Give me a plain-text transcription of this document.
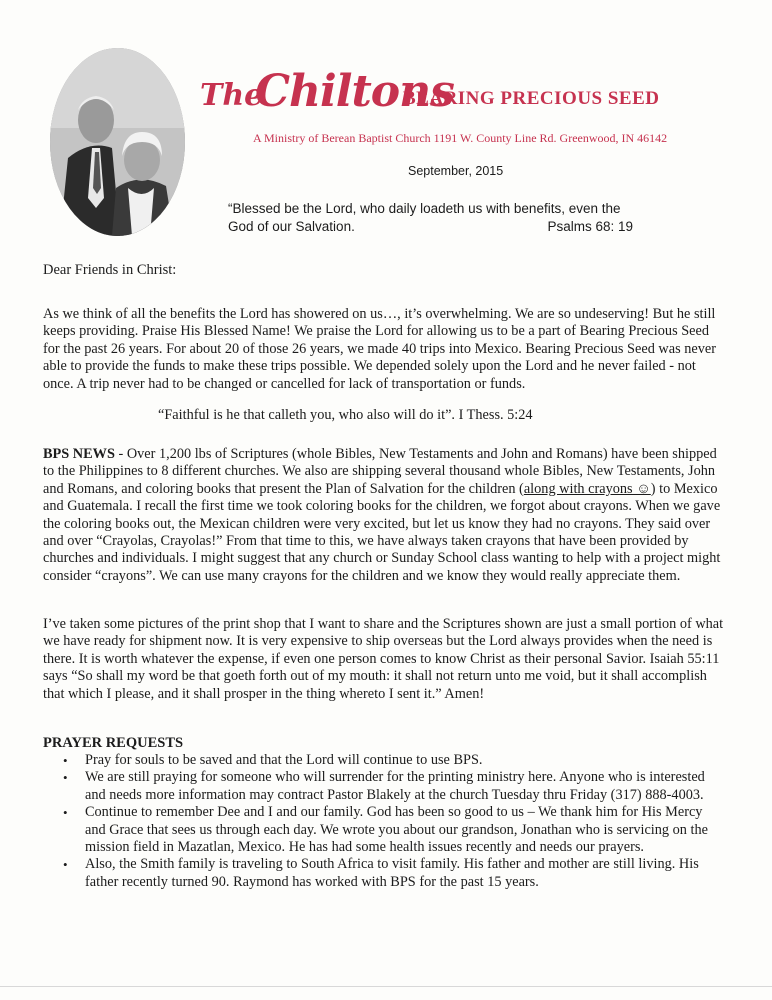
The
Chiltons
BEARING PRECIOUS SEED
A Ministry of Berean Baptist Church 1191 W. County Line Rd. Greenwood, IN 46142
September, 2015
“Blessed be the Lord, who daily loadeth us with benefits, even the God of our Salvation.	Psalms 68: 19
Dear Friends in Christ:

As we think of all the benefits the Lord has showered on us…, it’s overwhelming. We are so undeserving! But he still keeps providing. Praise His Blessed Name! We praise the Lord for allowing us to be a part of Bearing Precious Seed for the past 26 years. For about 20 of those 26 years, we made 40 trips into Mexico. Bearing Precious Seed was never able to provide the funds to make these trips possible. We depended solely upon the Lord and he never failed - not once. A trip never had to be changed or cancelled for lack of transportation or funds.

“Faithful is he that calleth you, who also will do it”. I Thess. 5:24

BPS NEWS - Over 1,200 lbs of Scriptures (whole Bibles, New Testaments and John and Romans) have been shipped to the Philippines to 8 different churches. We also are shipping several thousand whole Bibles, New Testaments, John and Romans, and coloring books that present the Plan of Salvation for the children (along with crayons ☺) to Mexico and Guatemala. I recall the first time we took coloring books for the children, we forgot about crayons. When we gave the coloring books out, the Mexican children were very excited, but let us know they had no crayons. They said over and over “Crayolas, Crayolas!” From that time to this, we have always taken crayons that have been provided by churches and individuals. I might suggest that any church or Sunday School class wanting to help with a project might consider “crayons”. We can use many crayons for the children and we know they would really appreciate them.

I’ve taken some pictures of the print shop that I want to share and the Scriptures shown are just a small portion of what we have ready for shipment now. It is very expensive to ship overseas but the Lord always provides when the need is there. It is worth whatever the expense, if even one person comes to know Christ as their personal Savior. Isaiah 55:11 says “So shall my word be that goeth forth out of my mouth: it shall not return unto me void, but it shall accomplish that which I please, and it shall prosper in the thing whereto I sent it.” Amen!

PRAYER REQUESTS
• Pray for souls to be saved and that the Lord will continue to use BPS.
• We are still praying for someone who will surrender for the printing ministry here. Anyone who is interested and needs more information may contract Pastor Blakely at the church Tuesday thru Friday (317) 888-4003.
• Continue to remember Dee and I and our family. God has been so good to us – We thank him for His Mercy and Grace that sees us through each day. We wrote you about our grandson, Jonathan who is servicing on the mission field in Mazatlan, Mexico. He has had some health issues recently and needs our prayers.
• Also, the Smith family is traveling to South Africa to visit family. His father and mother are still living. His father recently turned 90. Raymond has worked with BPS for the past 15 years.
